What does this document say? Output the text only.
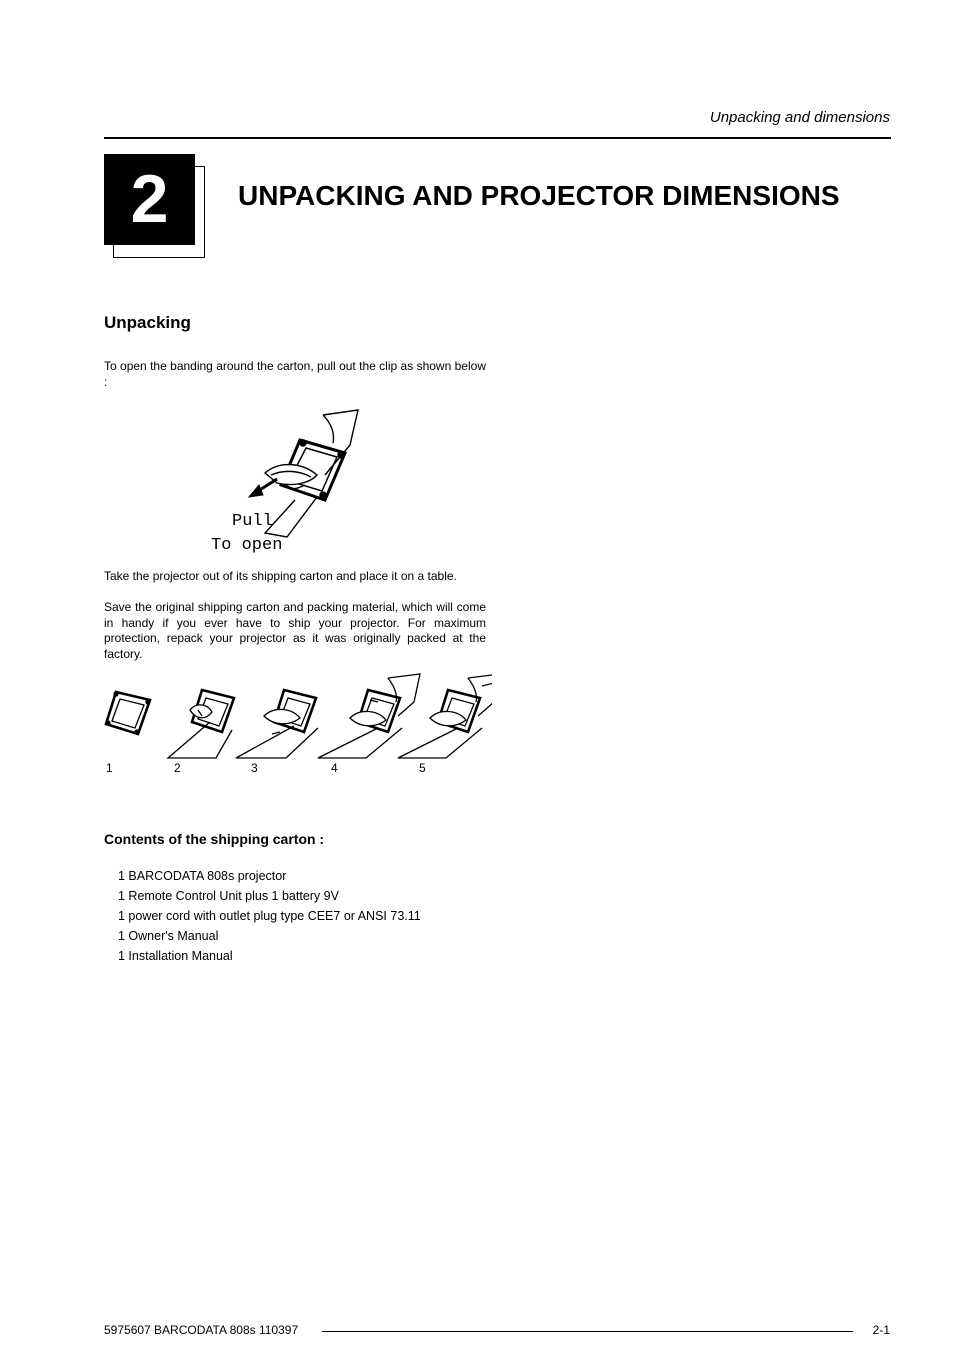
Unpacking and dimensions
2	UNPACKING AND PROJECTOR DIMENSIONS
Unpacking
To open the banding around the carton, pull out the clip as shown below :
Pull
To open
Take the projector out of its shipping carton and place it on a table.
Save the original shipping carton and packing material, which will come in handy if you ever have to ship your projector. For maximum protection, repack your projector as it was originally packed at the factory.
1	2	3	4	5
Contents of the shipping carton :
1 BARCODATA 808s projector
1 Remote Control Unit plus 1 battery 9V
1 power cord with outlet plug type CEE7 or ANSI 73.11
1 Owner's Manual
1 Installation Manual
5975607 BARCODATA 808s 110397	2-1
